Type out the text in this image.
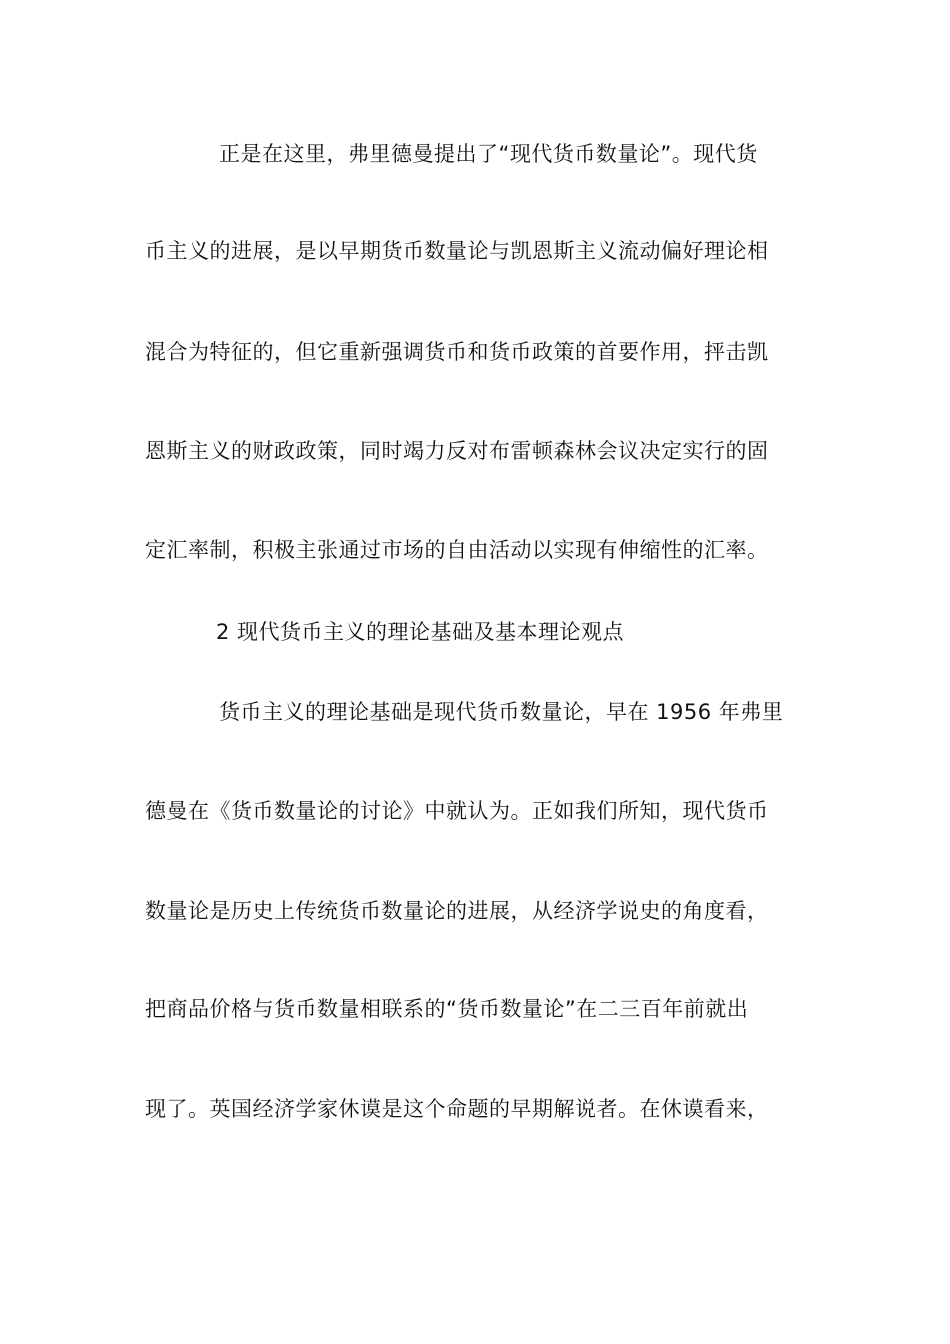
正是在这里，弗里德曼提出了“现代货币数量论”。现代货
币主义的进展，是以早期货币数量论与凯恩斯主义流动偏好理论相
混合为特征的，但它重新强调货币和货币政策的首要作用，抨击凯
恩斯主义的财政政策，同时竭力反对布雷顿森林会议决定实行的固
定汇率制，积极主张通过市场的自由活动以实现有伸缩性的汇率。
2 现代货币主义的理论基础及基本理论观点
货币主义的理论基础是现代货币数量论，早在 1956 年弗里
德曼在《货币数量论的讨论》中就认为。正如我们所知，现代货币
数量论是历史上传统货币数量论的进展，从经济学说史的角度看，
把商品价格与货币数量相联系的“货币数量论”在二三百年前就出
现了。英国经济学家休谟是这个命题的早期解说者。在休谟看来，
